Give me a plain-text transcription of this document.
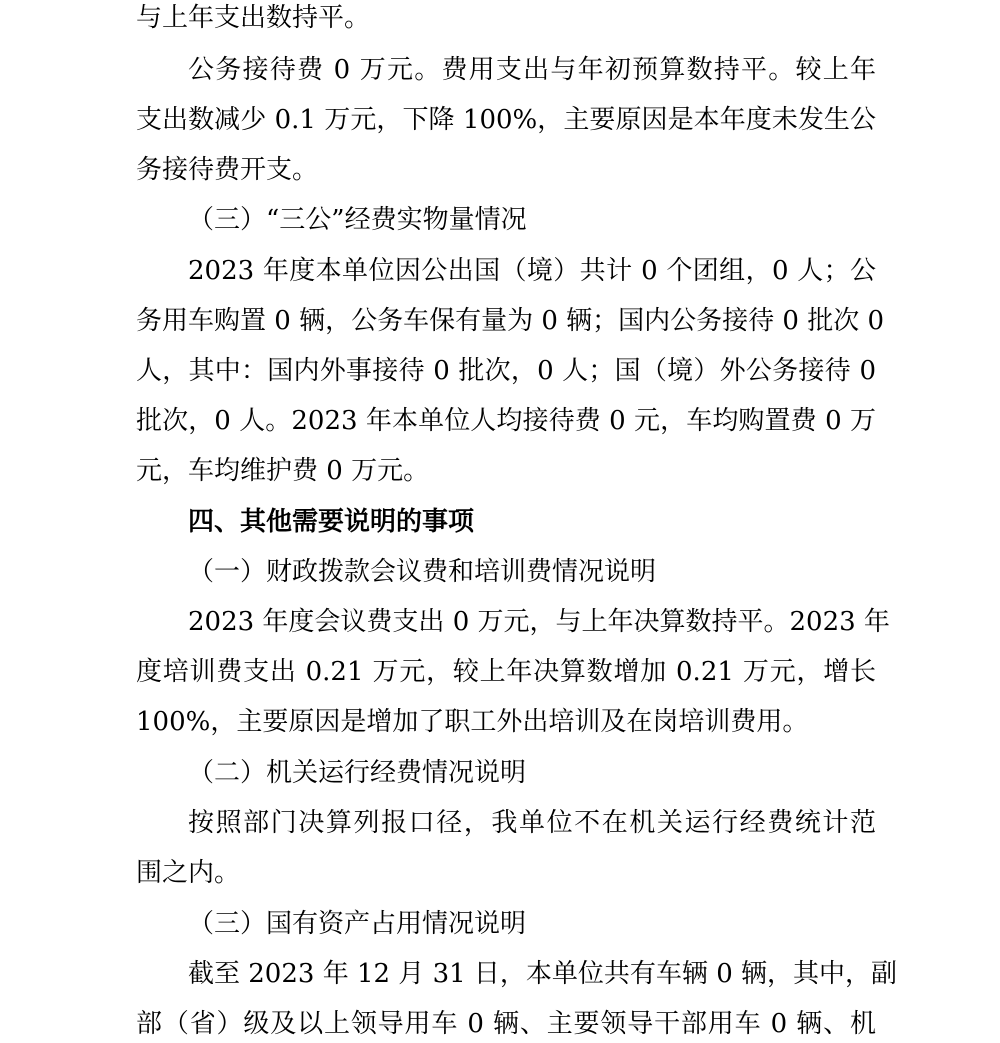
与上年支出数持平。
公务接待费 0 万元。费用支出与年初预算数持平。较上年
支出数减少 0.1 万元，下降 100%，主要原因是本年度未发生公
务接待费开支。
（三）“三公”经费实物量情况
2023 年度本单位因公出国（境）共计 0 个团组，0 人；公
务用车购置 0 辆，公务车保有量为 0 辆；国内公务接待 0 批次 0
人，其中：国内外事接待 0 批次，0 人；国（境）外公务接待 0
批次，0 人。2023 年本单位人均接待费 0 元，车均购置费 0 万
元，车均维护费 0 万元。
四、其他需要说明的事项
（一）财政拨款会议费和培训费情况说明
2023 年度会议费支出 0 万元，与上年决算数持平。2023 年
度培训费支出 0.21 万元，较上年决算数增加 0.21 万元，增长
100%，主要原因是增加了职工外出培训及在岗培训费用。
（二）机关运行经费情况说明
按照部门决算列报口径，我单位不在机关运行经费统计范
围之内。
（三）国有资产占用情况说明
截至 2023 年 12 月 31 日，本单位共有车辆 0 辆，其中，副
部（省）级及以上领导用车 0 辆、主要领导干部用车 0 辆、机
